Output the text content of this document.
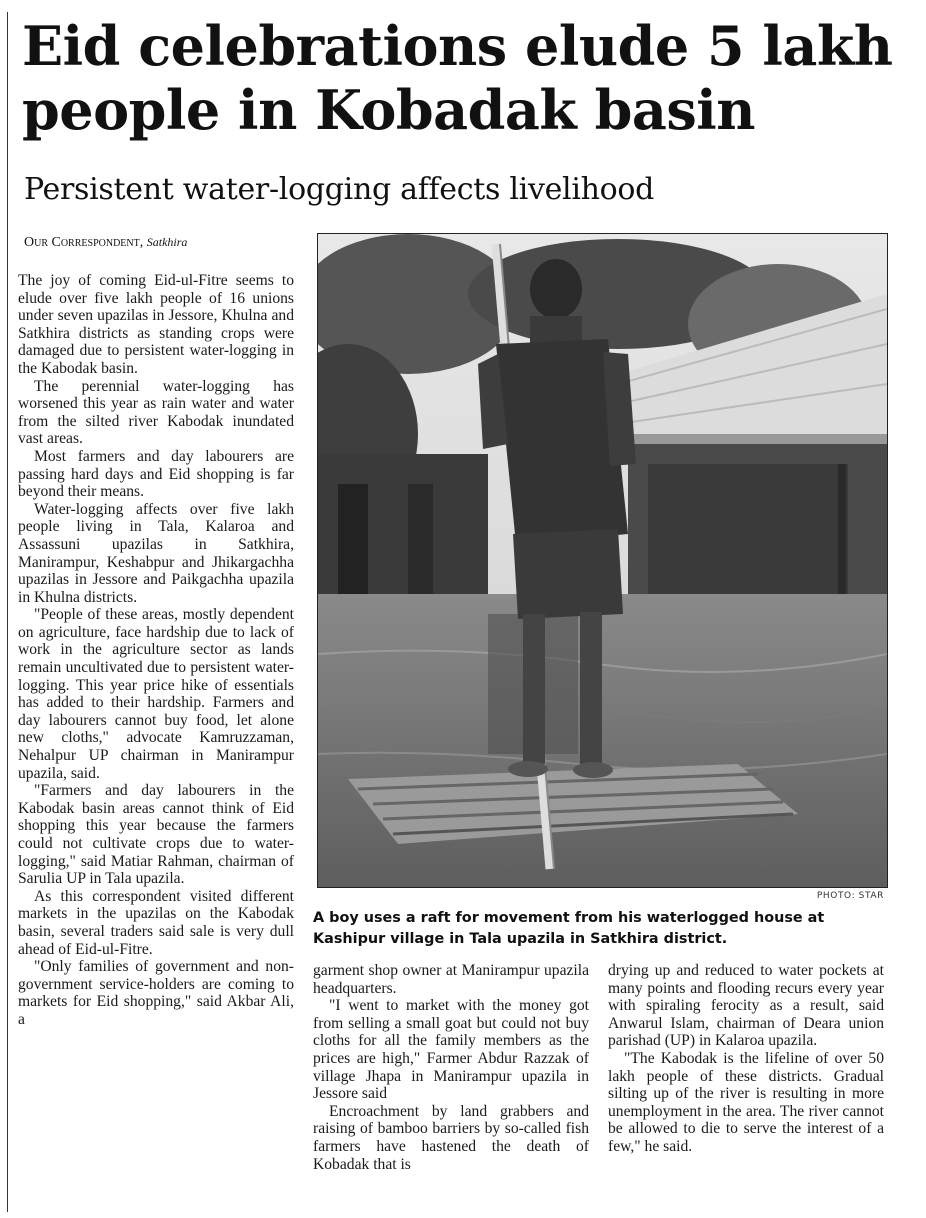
Eid celebrations elude 5 lakh people in Kobadak basin
Persistent water-logging affects livelihood
Our Correspondent, Satkhira

The joy of coming Eid-ul-Fitre seems to elude over five lakh people of 16 unions under seven upazilas in Jessore, Khulna and Satkhira districts as standing crops were damaged due to persistent water-logging in the Kabodak basin.

The perennial water-logging has worsened this year as rain water and water from the silted river Kabodak inundated vast areas.

Most farmers and day labourers are passing hard days and Eid shopping is far beyond their means.

Water-logging affects over five lakh people living in Tala, Kalaroa and Assassuni upazilas in Satkhira, Manirampur, Keshabpur and Jhikargachha upazilas in Jessore and Paikgachha upazila in Khulna districts.

"People of these areas, mostly dependent on agriculture, face hardship due to lack of work in the agriculture sector as lands remain uncultivated due to persistent water-logging. This year price hike of essentials has added to their hardship. Farmers and day labourers cannot buy food, let alone new cloths," advocate Kamruzzaman, Nehalpur UP chairman in Manirampur upazila, said.

"Farmers and day labourers in the Kabodak basin areas cannot think of Eid shopping this year because the farmers could not cultivate crops due to water-logging," said Matiar Rahman, chairman of Sarulia UP in Tala upazila.

As this correspondent visited different markets in the upazilas on the Kabodak basin, several traders said sale is very dull ahead of Eid-ul-Fitre.

"Only families of government and non-government service-holders are coming to markets for Eid shopping," said Akbar Ali, a

PHOTO: STAR

A boy uses a raft for movement from his waterlogged house at Kashipur village in Tala upazila in Satkhira district.

garment shop owner at Manirampur upazila headquarters.

"I went to market with the money got from selling a small goat but could not buy cloths for all the family members as the prices are high," Farmer Abdur Razzak of village Jhapa in Manirampur upazila in Jessore said

Encroachment by land grabbers and raising of bamboo barriers by so-called fish farmers have hastened the death of Kobadak that is

drying up and reduced to water pockets at many points and flooding recurs every year with spiraling ferocity as a result, said Anwarul Islam, chairman of Deara union parishad (UP) in Kalaroa upazila.

"The Kabodak is the lifeline of over 50 lakh people of these districts. Gradual silting up of the river is resulting in more unemployment in the area. The river cannot be allowed to die to serve the interest of a few," he said.
